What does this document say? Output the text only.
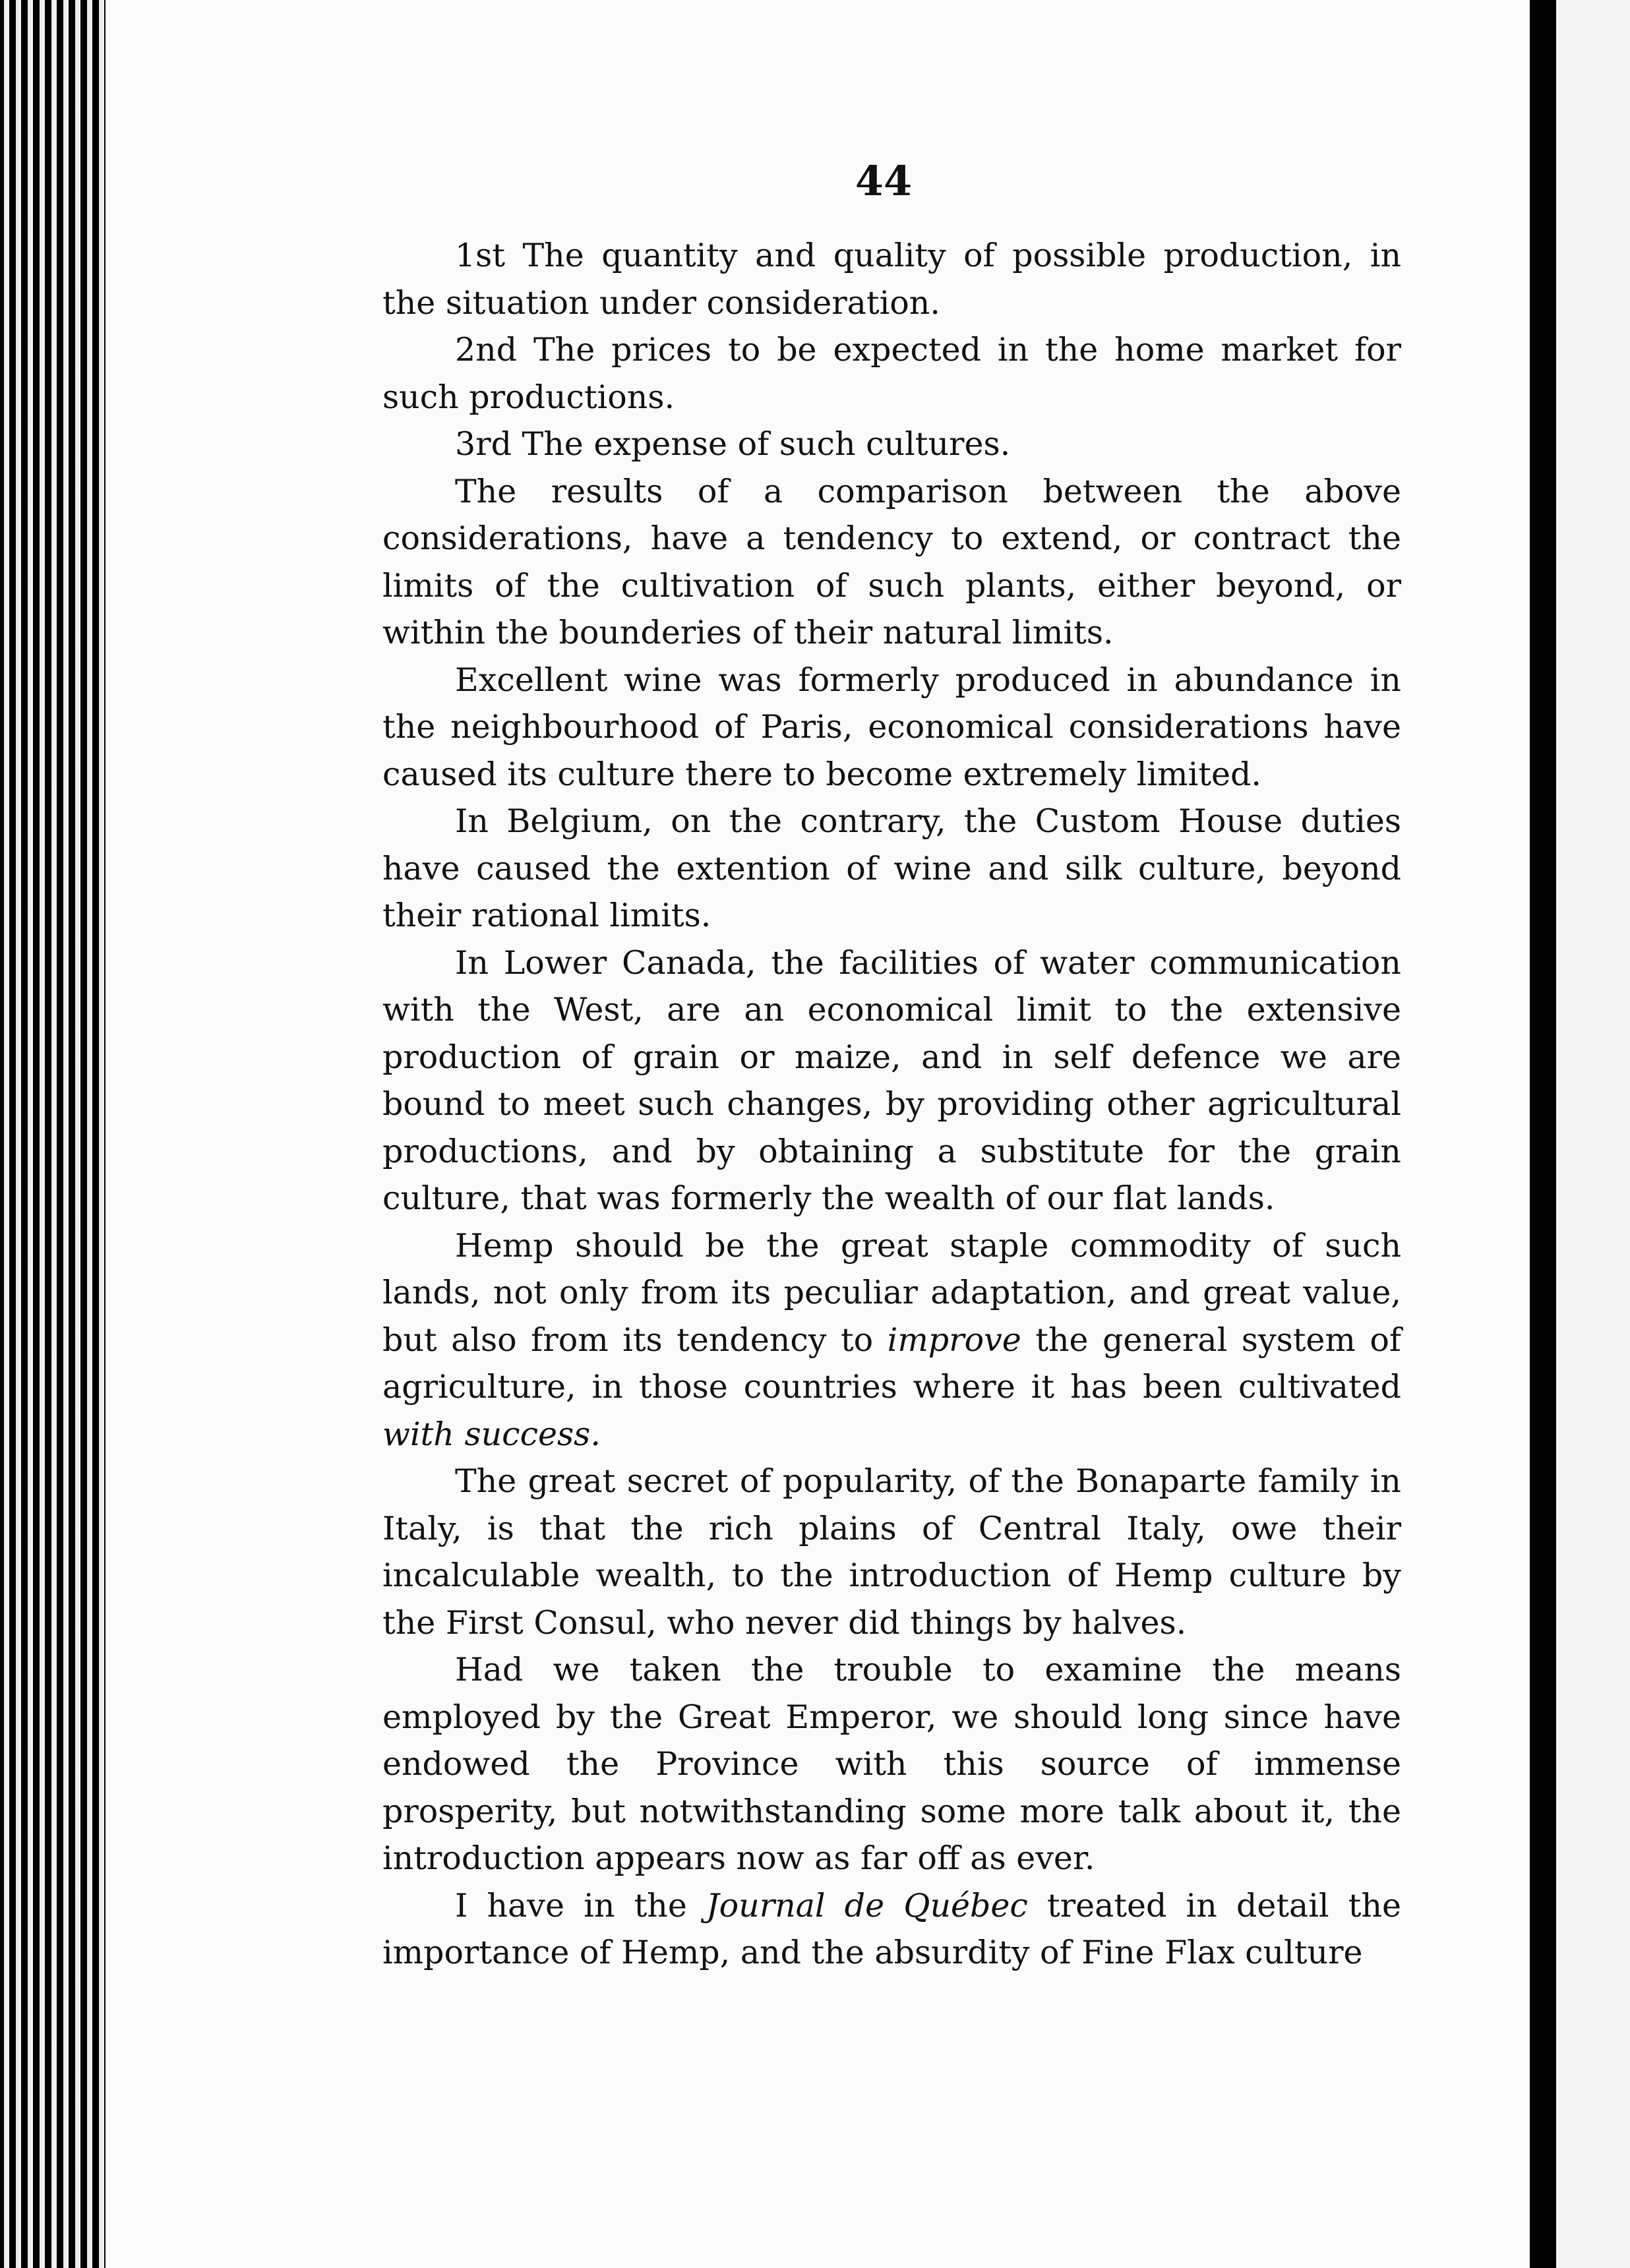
44

1st The quantity and quality of possible production, in the situation under consideration.

2nd The prices to be expected in the home market for such productions.

3rd The expense of such cultures.

The results of a comparison between the above considerations, have a tendency to extend, or contract the limits of the cultivation of such plants, either beyond, or within the bounderies of their natural limits.

Excellent wine was formerly produced in abundance in the neighbourhood of Paris, economical considerations have caused its culture there to become extremely limited.

In Belgium, on the contrary, the Custom House duties have caused the extention of wine and silk culture, beyond their rational limits.

In Lower Canada, the facilities of water communication with the West, are an economical limit to the extensive production of grain or maize, and in self defence we are bound to meet such changes, by providing other agricultural productions, and by obtaining a substitute for the grain culture, that was formerly the wealth of our flat lands.

Hemp should be the great staple commodity of such lands, not only from its peculiar adaptation, and great value, but also from its tendency to improve the general system of agriculture, in those countries where it has been cultivated with success.

The great secret of popularity, of the Bonaparte family in Italy, is that the rich plains of Central Italy, owe their incalculable wealth, to the introduction of Hemp culture by the First Consul, who never did things by halves.

Had we taken the trouble to examine the means employed by the Great Emperor, we should long since have endowed the Province with this source of immense prosperity, but notwithstanding some more talk about it, the introduction appears now as far off as ever.

I have in the Journal de Québec treated in detail the importance of Hemp, and the absurdity of Fine Flax culture
